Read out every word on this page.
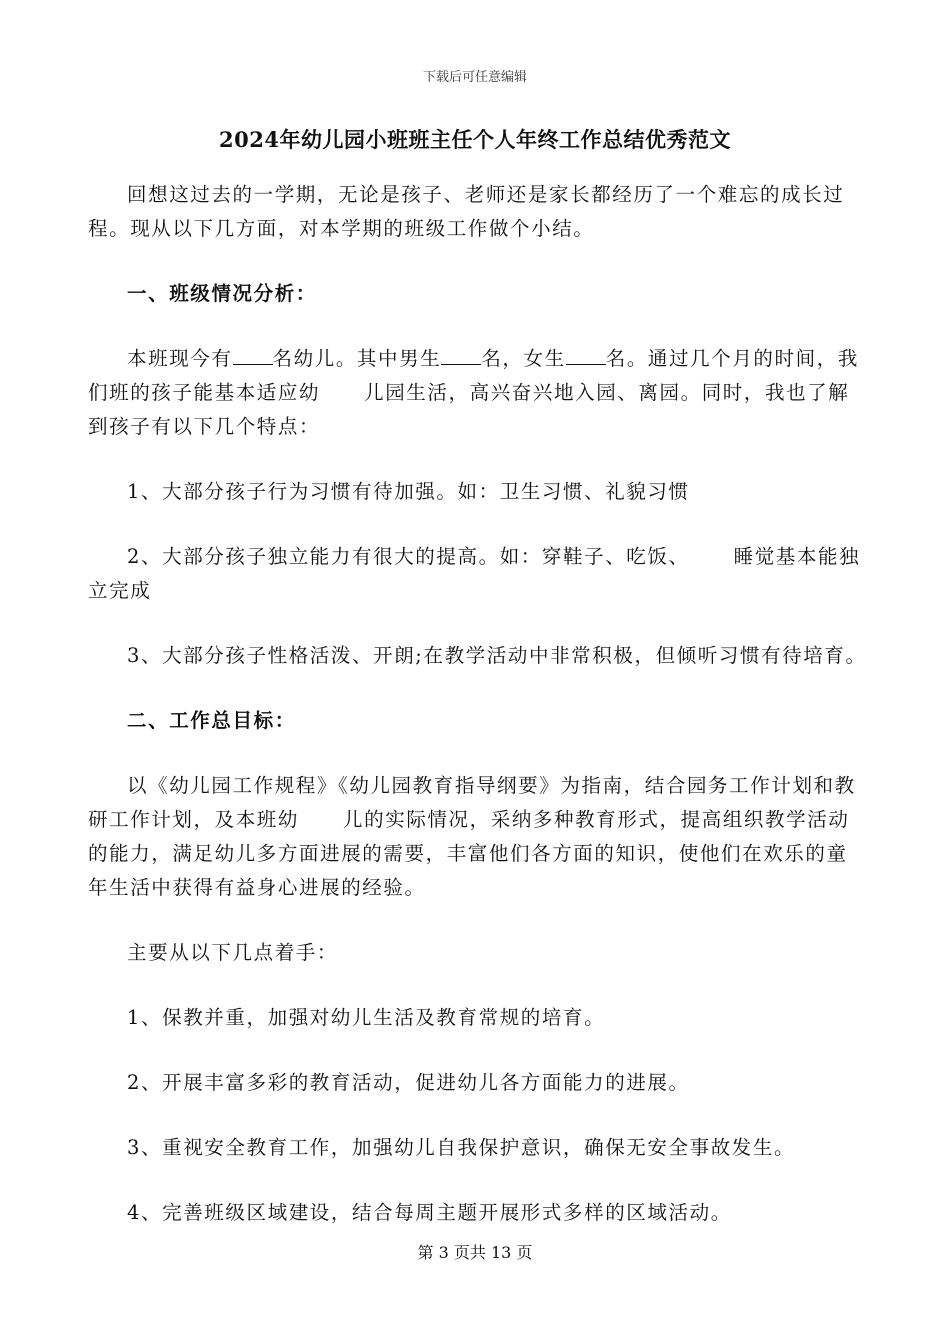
下载后可任意编辑
2024年幼儿园小班班主任个人年终工作总结优秀范文

回想这过去的一学期，无论是孩子、老师还是家长都经历了一个难忘的成长过程。现从以下几方面，对本学期的班级工作做个小结。

一、班级情况分析：

本班现今有 名幼儿。其中男生 名，女生 名。通过几个月的时间，我们班的孩子能基本适应幼 儿园生活，高兴奋兴地入园、离园。同时，我也了解到孩子有以下几个特点：

1、大部分孩子行为习惯有待加强。如：卫生习惯、礼貌习惯

2、大部分孩子独立能力有很大的提高。如：穿鞋子、吃饭、 睡觉基本能独立完成

3、大部分孩子性格活泼、开朗;在教学活动中非常积极，但倾听习惯有待培育。

二、工作总目标：

以《幼儿园工作规程》《幼儿园教育指导纲要》为指南，结合园务工作计划和教研工作计划，及本班幼 儿的实际情况，采纳多种教育形式，提高组织教学活动的能力，满足幼儿多方面进展的需要，丰富他们各方面的知识，使他们在欢乐的童年生活中获得有益身心进展的经验。

主要从以下几点着手：

1、保教并重，加强对幼儿生活及教育常规的培育。

2、开展丰富多彩的教育活动，促进幼儿各方面能力的进展。

3、重视安全教育工作，加强幼儿自我保护意识，确保无安全事故发生。

4、完善班级区域建设，结合每周主题开展形式多样的区域活动。

第 3 页共 13 页
